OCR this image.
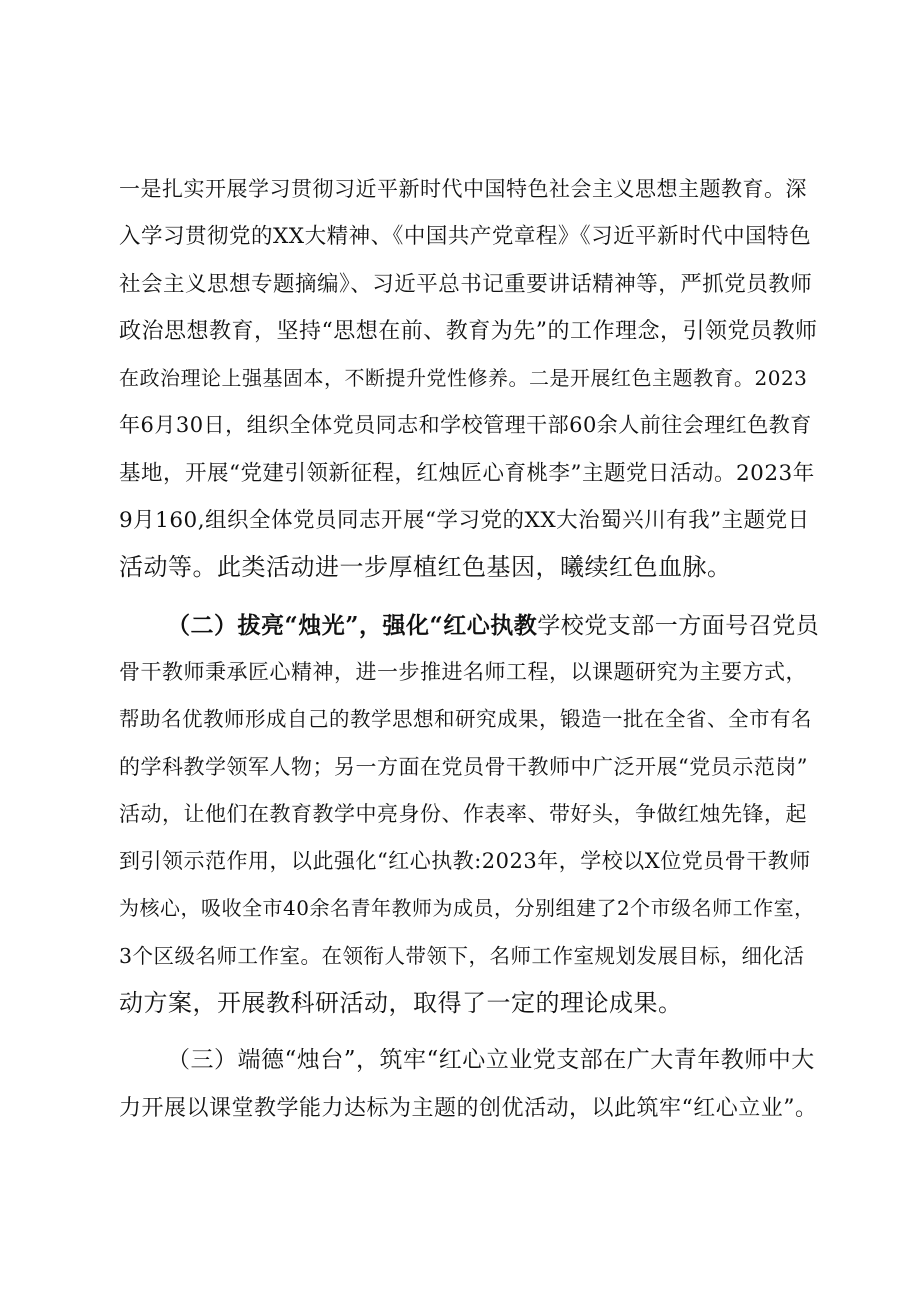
一是扎实开展学习贯彻习近平新时代中国特色社会主义思想主题教育。深
入学习贯彻党的XX大精神、《中国共产党章程》《习近平新时代中国特色
社会主义思想专题摘编》、习近平总书记重要讲话精神等，严抓党员教师
政治思想教育，坚持“思想在前、教育为先”的工作理念，引领党员教师
在政治理论上强基固本，不断提升党性修养。二是开展红色主题教育。2023
年6月30日，组织全体党员同志和学校管理干部60余人前往会理红色教育
基地，开展“党建引领新征程，红烛匠心育桃李”主题党日活动。2023年
9月160,组织全体党员同志开展“学习党的XX大治蜀兴川有我”主题党日
活动等。此类活动进一步厚植红色基因，曦续红色血脉。
（二）拔亮“烛光”，强化“红心执教学校党支部一方面号召党员
骨干教师秉承匠心精神，进一步推进名师工程，以课题研究为主要方式，
帮助名优教师形成自己的教学思想和研究成果，锻造一批在全省、全市有名
的学科教学领军人物；另一方面在党员骨干教师中广泛开展“党员示范岗”
活动，让他们在教育教学中亮身份、作表率、带好头，争做红烛先锋，起
到引领示范作用，以此强化“红心执教:2023年，学校以X位党员骨干教师
为核心，吸收全市40余名青年教师为成员，分别组建了2个市级名师工作室，
3个区级名师工作室。在领衔人带领下，名师工作室规划发展目标，细化活
动方案，开展教科研活动，取得了一定的理论成果。
（三）端德“烛台”，筑牢“红心立业党支部在广大青年教师中大
力开展以课堂教学能力达标为主题的创优活动，以此筑牢“红心立业”。
